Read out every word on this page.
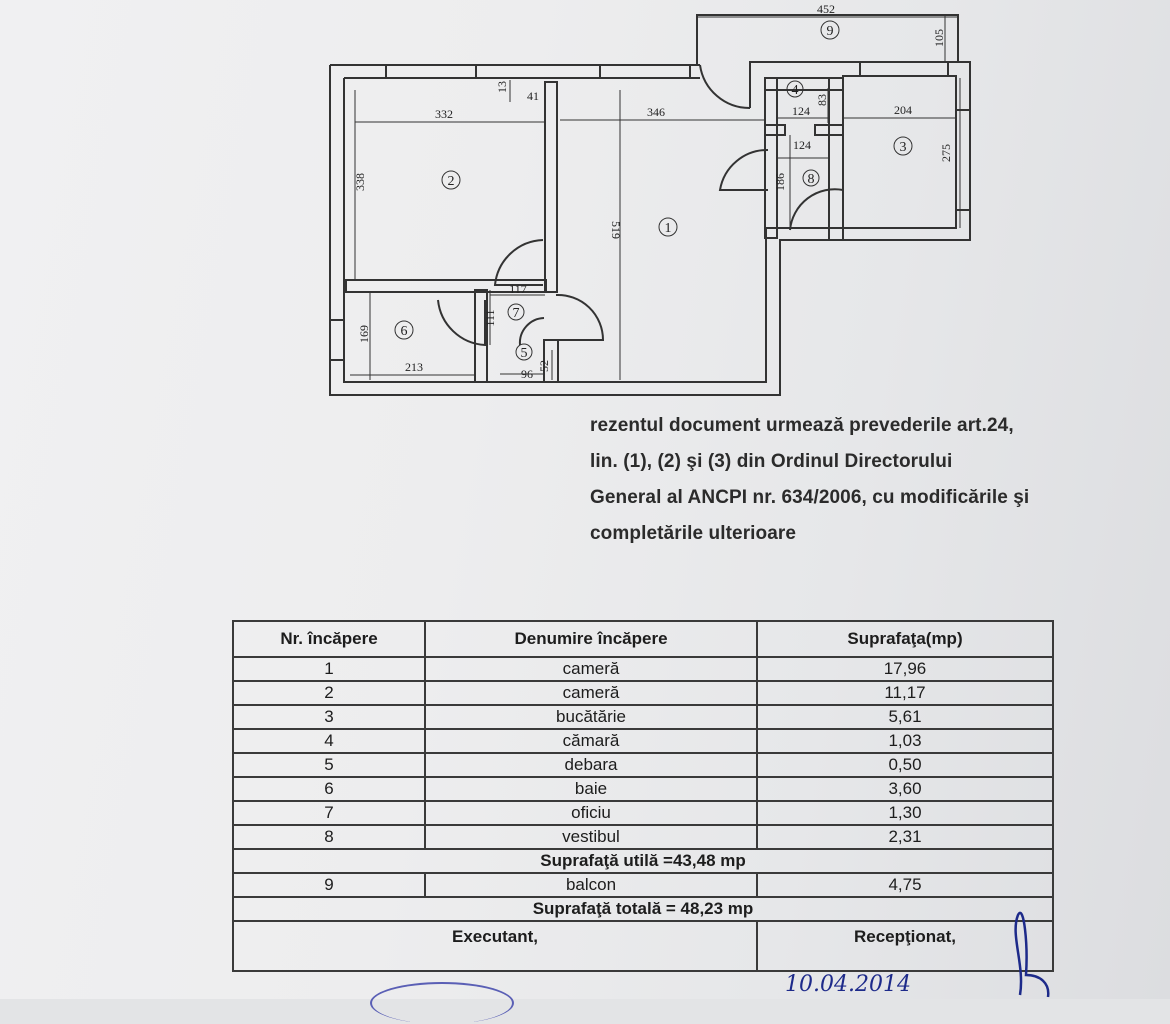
1
2
3
4
5
6
7
8
9
452
105
332
338
13
41
346
519
124
83
124
186
204
275
117
111
213
169
96
52
rezentul document urmează prevederile art.24,
lin. (1), (2) şi (3) din Ordinul Directorului
General al ANCPI nr. 634/2006, cu modificările şi
completările ulterioare
Nr. încăpere	Denumire încăpere	Suprafaţa(mp)
1	cameră	17,96
2	cameră	11,17
3	bucătărie	5,61
4	cămară	1,03
5	debara	0,50
6	baie	3,60
7	oficiu	1,30
8	vestibul	2,31
Suprafaţă utilă =43,48 mp		
9	balcon	4,75
Suprafaţă totală = 48,23 mp		
Executant,		Recepţionat,
10.04.2014
